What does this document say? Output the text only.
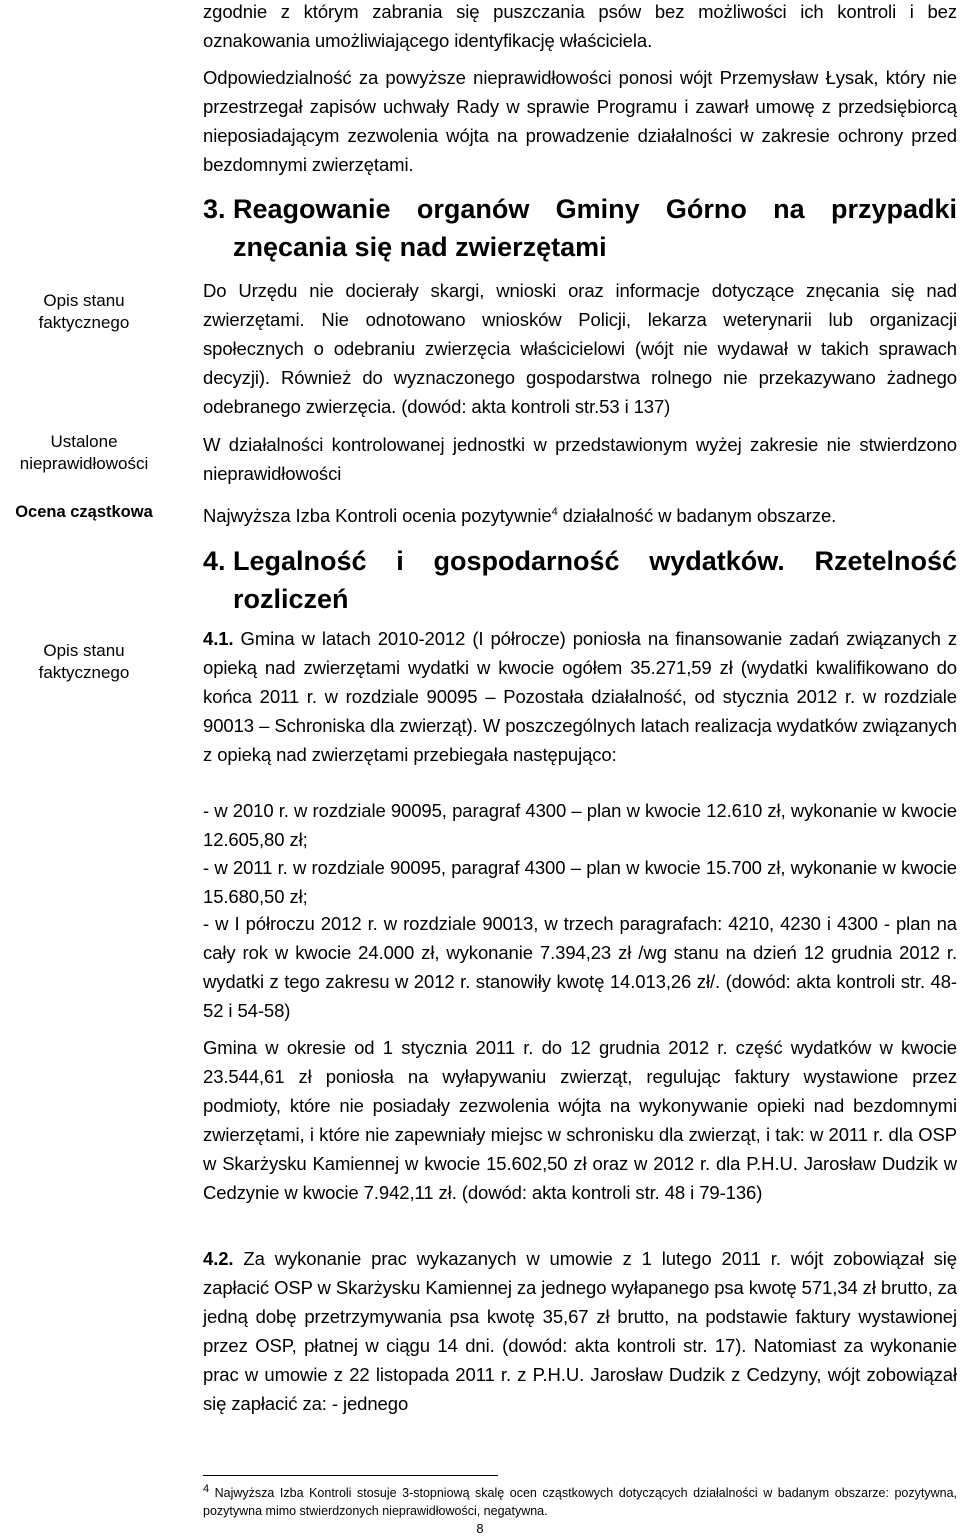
Opis stanu faktycznego
Ustalone nieprawidłowości
Ocena cząstkowa
Opis stanu faktycznego

zgodnie z którym zabrania się puszczania psów bez możliwości ich kontroli i bez oznakowania umożliwiającego identyfikację właściciela.

Odpowiedzialność za powyższe nieprawidłowości ponosi wójt Przemysław Łysak, który nie przestrzegał zapisów uchwały Rady w sprawie Programu i zawarł umowę z przedsiębiorcą nieposiadającym zezwolenia wójta na prowadzenie działalności w zakresie ochrony przed bezdomnymi zwierzętami.

3. Reagowanie organów Gminy Górno na przypadki
znęcania się nad zwierzętami

Do Urzędu nie docierały skargi, wnioski oraz informacje dotyczące znęcania się nad zwierzętami. Nie odnotowano wniosków Policji, lekarza weterynarii lub organizacji społecznych o odebraniu zwierzęcia właścicielowi (wójt nie wydawał w takich sprawach decyzji). Również do wyznaczonego gospodarstwa rolnego nie przekazywano żadnego odebranego zwierzęcia. (dowód: akta kontroli str.53 i 137)

W działalności kontrolowanej jednostki w przedstawionym wyżej zakresie nie stwierdzono nieprawidłowości

Najwyższa Izba Kontroli ocenia pozytywnie$^4$ działalność w badanym obszarze.

4. Legalność i gospodarność wydatków. Rzetelność
rozliczeń

4.1. Gmina w latach 2010-2012 (I półrocze) poniosła na finansowanie zadań związanych z opieką nad zwierzętami wydatki w kwocie ogółem 35.271,59 zł (wydatki kwalifikowano do końca 2011 r. w rozdziale 90095 – Pozostała działalność, od stycznia 2012 r. w rozdziale 90013 – Schroniska dla zwierząt). W poszczególnych latach realizacja wydatków związanych z opieką nad zwierzętami przebiegała następująco:

- w 2010 r. w rozdziale 90095, paragraf 4300 – plan w kwocie 12.610 zł, wykonanie w kwocie 12.605,80 zł;

- w 2011 r. w rozdziale 90095, paragraf 4300 – plan w kwocie 15.700 zł, wykonanie w kwocie 15.680,50 zł;

- w I półroczu 2012 r. w rozdziale 90013, w trzech paragrafach: 4210, 4230 i 4300 - plan na cały rok w kwocie 24.000 zł, wykonanie 7.394,23 zł /wg stanu na dzień 12 grudnia 2012 r. wydatki z tego zakresu w 2012 r. stanowiły kwotę 14.013,26 zł/. (dowód: akta kontroli str. 48-52 i 54-58)

Gmina w okresie od 1 stycznia 2011 r. do 12 grudnia 2012 r. część wydatków w kwocie 23.544,61 zł poniosła na wyłapywaniu zwierząt, regulując faktury wystawione przez podmioty, które nie posiadały zezwolenia wójta na wykonywanie opieki nad bezdomnymi zwierzętami, i które nie zapewniały miejsc w schronisku dla zwierząt, i tak: w 2011 r. dla OSP w Skarżysku Kamiennej w kwocie 15.602,50 zł oraz w 2012 r. dla P.H.U. Jarosław Dudzik w Cedzynie w kwocie 7.942,11 zł. (dowód: akta kontroli str. 48 i 79-136)

4.2. Za wykonanie prac wykazanych w umowie z 1 lutego 2011 r. wójt zobowiązał się zapłacić OSP w Skarżysku Kamiennej za jednego wyłapanego psa kwotę 571,34 zł brutto, za jedną dobę przetrzymywania psa kwotę 35,67 zł brutto, na podstawie faktury wystawionej przez OSP, płatnej w ciągu 14 dni. (dowód: akta kontroli str. 17). Natomiast za wykonanie prac w umowie z 22 listopada 2011 r. z P.H.U. Jarosław Dudzik z Cedzyny, wójt zobowiązał się zapłacić za: - jednego

$^4$ Najwyższa Izba Kontroli stosuje 3-stopniową skalę ocen cząstkowych dotyczących działalności w badanym obszarze: pozytywna, pozytywna mimo stwierdzonych nieprawidłowości, negatywna.
8
